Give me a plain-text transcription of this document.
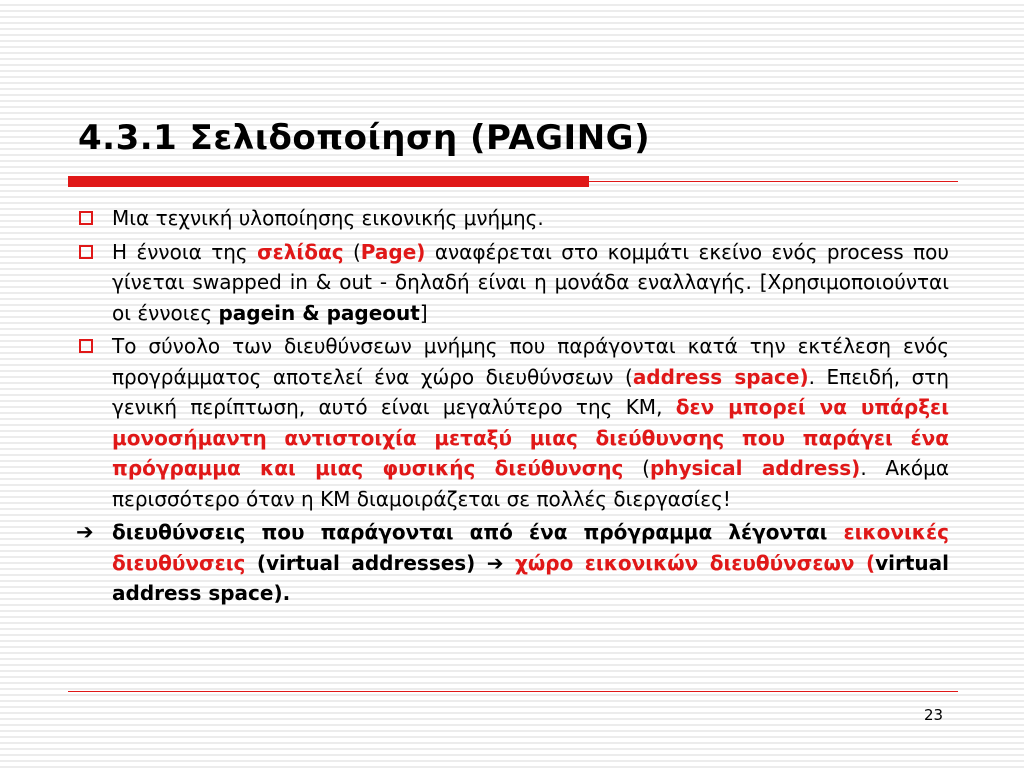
4.3.1 Σελιδοποίηση (PAGING)
Μια τεχνική υλοποίησης εικονικής μνήμης.
Η έννοια της σελίδας (Page) αναφέρεται στο κομμάτι εκείνο ενός process που γίνεται swapped in & out - δηλαδή είναι η μονάδα εναλλαγής. [Χρησιμοποιούνται οι έννοιες pagein & pageout]
Το σύνολο των διευθύνσεων μνήμης που παράγονται κατά την εκτέλεση ενός προγράμματος αποτελεί ένα χώρο διευθύνσεων (address space). Επειδή, στη γενική περίπτωση, αυτό είναι μεγαλύτερο της ΚΜ, δεν μπορεί να υπάρξει μονοσήμαντη αντιστοιχία μεταξύ μιας διεύθυνσης που παράγει ένα πρόγραμμα και μιας φυσικής διεύθυνσης (physical address). Ακόμα περισσότερο όταν η ΚΜ διαμοιράζεται σε πολλές διεργασίες!
➔ διευθύνσεις που παράγονται από ένα πρόγραμμα λέγονται εικονικές διευθύνσεις (virtual addresses) ➔ χώρο εικονικών διευθύνσεων (virtual address space).
23
